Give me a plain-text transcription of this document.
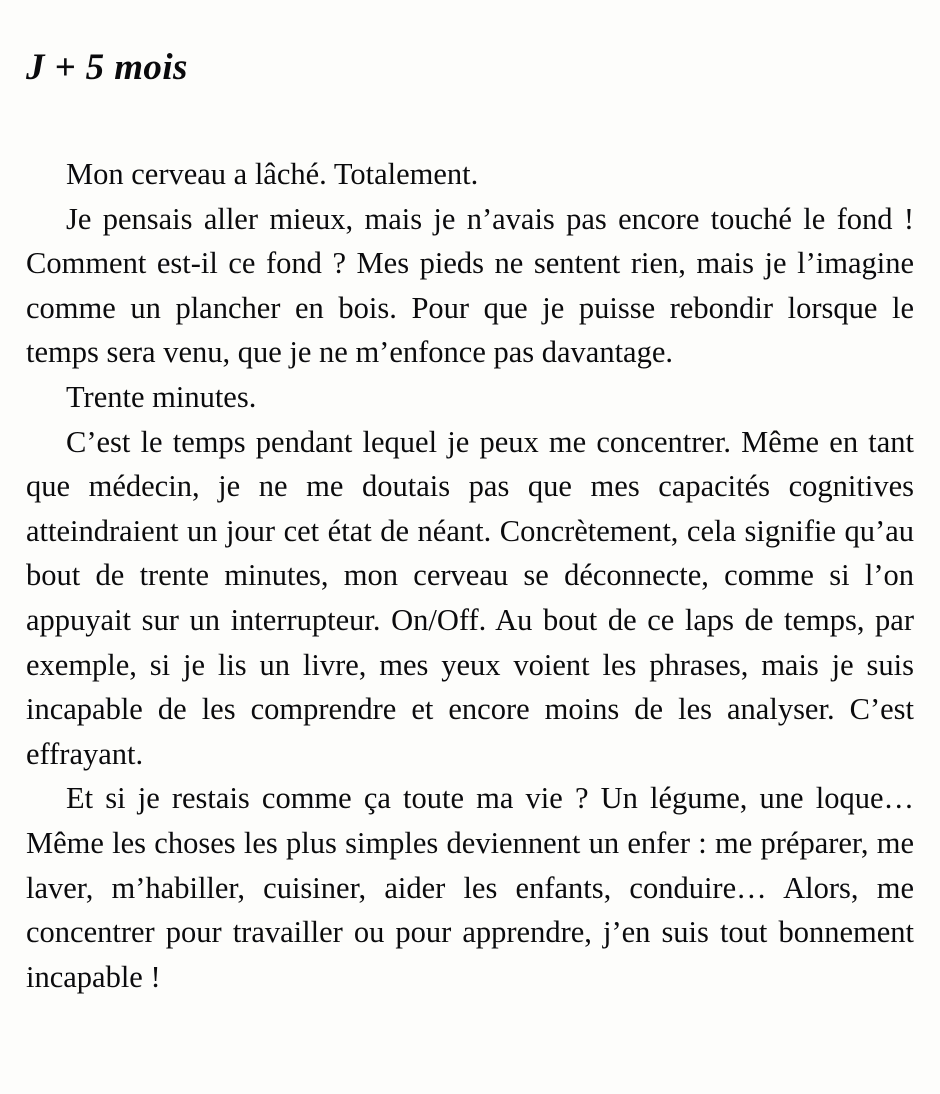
J + 5 mois

Mon cerveau a lâché. Totalement.

Je pensais aller mieux, mais je n’avais pas encore touché le fond ! Comment est-il ce fond ? Mes pieds ne sentent rien, mais je l’imagine comme un plancher en bois. Pour que je puisse rebondir lorsque le temps sera venu, que je ne m’enfonce pas davantage.

Trente minutes.

C’est le temps pendant lequel je peux me concentrer. Même en tant que médecin, je ne me doutais pas que mes capacités cognitives atteindraient un jour cet état de néant. Concrètement, cela signifie qu’au bout de trente minutes, mon cerveau se déconnecte, comme si l’on appuyait sur un interrupteur. On/Off. Au bout de ce laps de temps, par exemple, si je lis un livre, mes yeux voient les phrases, mais je suis incapable de les comprendre et encore moins de les analyser. C’est effrayant.

Et si je restais comme ça toute ma vie ? Un légume, une loque… Même les choses les plus simples deviennent un enfer : me préparer, me laver, m’habiller, cuisiner, aider les enfants, conduire… Alors, me concentrer pour travailler ou pour apprendre, j’en suis tout bonnement incapable !
